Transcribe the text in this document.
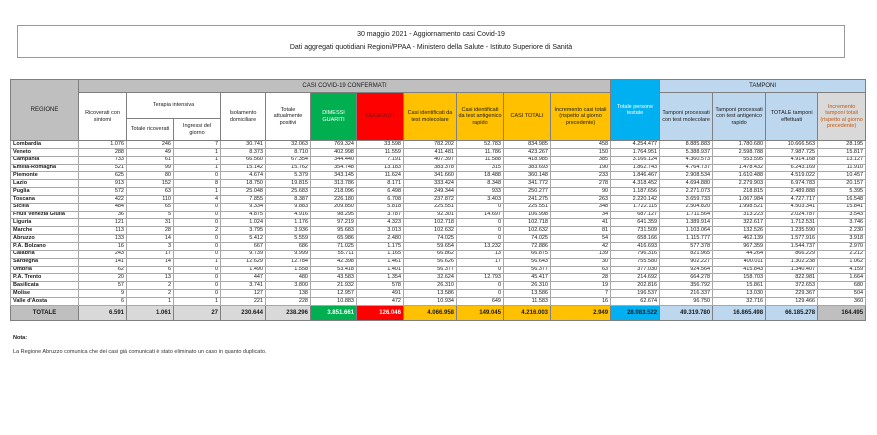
30 maggio 2021 - Aggiornamento casi Covid-19
Dati aggregati quotidiani Regioni/PPAA - Ministero della Salute - Istituto Superiore di Sanità
REGIONE	CASI COVID-19 CONFERMATI											Totale persone testate	TAMPONI			
	Ricoverati con sintomi	Terapia intensiva		Isolamento domiciliare	Totale attualmente positivi	DIMESSI GUARITI	DECEDUTI	Casi identificati da test molecolare	Casi identificati da test antigenico rapido	CASI TOTALI	Incremento casi totali (rispetto al giorno precedente)		Tamponi processati con test molecolare	Tamponi processati con test antigenico rapido	TOTALE tamponi effettuati	Incremento tamponi totali (rispetto al giorno precedente)
		Totale ricoverati	Ingressi del giorno													
Lombardia	1.076	246	7	30.741	32.063	769.324	33.598	782.202	52.783	834.985	458	4.254.477	8.885.883	1.780.680	10.666.563	28.195
Veneto	288	49	1	8.373	8.710	402.998	11.559	411.481	11.786	423.267	150	1.764.951	5.388.937	2.598.788	7.987.725	15.817
Campania	733	61	1	66.560	67.354	344.440	7.191	407.397	11.588	418.985	385	3.166.124	4.360.573	553.595	4.914.168	13.127
Emilia-Romagna	521	99	1	15.142	15.762	354.748	13.183	383.378	315	383.693	190	1.862.743	4.764.737	1.478.432	6.243.169	11.910
Piemonte	625	80	0	4.674	5.379	343.145	11.624	341.660	18.488	360.148	233	1.846.467	2.908.534	1.610.488	4.519.022	10.457
Lazio	913	152	8	18.750	19.815	313.786	8.171	333.424	8.348	341.772	278	4.318.452	4.694.880	2.279.903	6.974.783	20.157
Puglia	572	63	1	25.048	25.683	218.096	6.498	249.344	933	250.277	90	1.187.656	2.271.073	218.815	2.489.888	5.395
Toscana	422	110	4	7.855	8.387	226.180	6.708	237.872	3.403	241.275	263	2.220.142	3.659.733	1.067.984	4.727.717	16.548
Sicilia	484	65	0	9.334	9.883	209.850	5.818	225.551	0	225.551	348	1.722.115	2.504.820	1.998.521	4.503.341	15.841
Friuli Venezia Giulia	36	5	0	4.875	4.916	98.295	3.787	92.301	14.697	106.998	34	687.127	1.711.564	313.223	2.024.787	3.543
Liguria	121	31	0	1.024	1.176	97.219	4.323	102.718	0	102.718	41	641.359	1.389.914	322.617	1.712.531	3.746
Marche	113	28	2	3.795	3.936	95.683	3.013	102.632	0	102.632	81	731.509	1.103.064	132.526	1.235.590	2.230
Abruzzo	133	14	0	5.412	5.559	65.986	2.480	74.025	0	74.025	54	658.166	1.115.777	462.139	1.577.916	3.918
P.A. Bolzano	16	3	0	667	686	71.025	1.175	59.654	13.232	72.886	42	416.693	577.378	967.359	1.544.737	2.970
Calabria	243	17	0	9.739	9.999	55.711	1.165	66.862	13	66.875	139	796.316	821.965	44.264	866.229	2.212
Sardegna	141	14	1	12.629	12.784	42.398	1.461	56.626	17	56.643	30	755.580	902.227	400.011	1.302.238	1.062
Umbria	62	6	0	1.490	1.558	53.418	1.401	56.377	0	56.377	63	377.030	924.564	415.843	1.340.407	4.159
P.A. Trento	20	13	0	447	480	43.583	1.354	32.624	12.793	45.417	28	214.692	664.278	158.703	822.981	1.664
Basilicata	57	2	0	3.741	3.800	21.932	578	26.310	0	26.310	19	202.816	356.792	15.861	372.653	680
Molise	9	2	0	127	138	12.957	491	13.586	0	13.586	7	196.537	216.337	13.030	229.367	504
Valle d'Aosta	6	1	1	221	228	10.883	472	10.934	649	11.583	16	62.674	96.750	32.716	129.466	360
TOTALE	6.591	1.061	27	230.644	238.296	3.851.661	126.046	4.066.958	149.045	4.216.003	2.949	28.083.522	49.319.780	16.865.498	66.185.278	164.495
Nota:
La Regione Abruzzo comunica che dei casi già comunicati è stato eliminato un caso in quanto duplicato.
